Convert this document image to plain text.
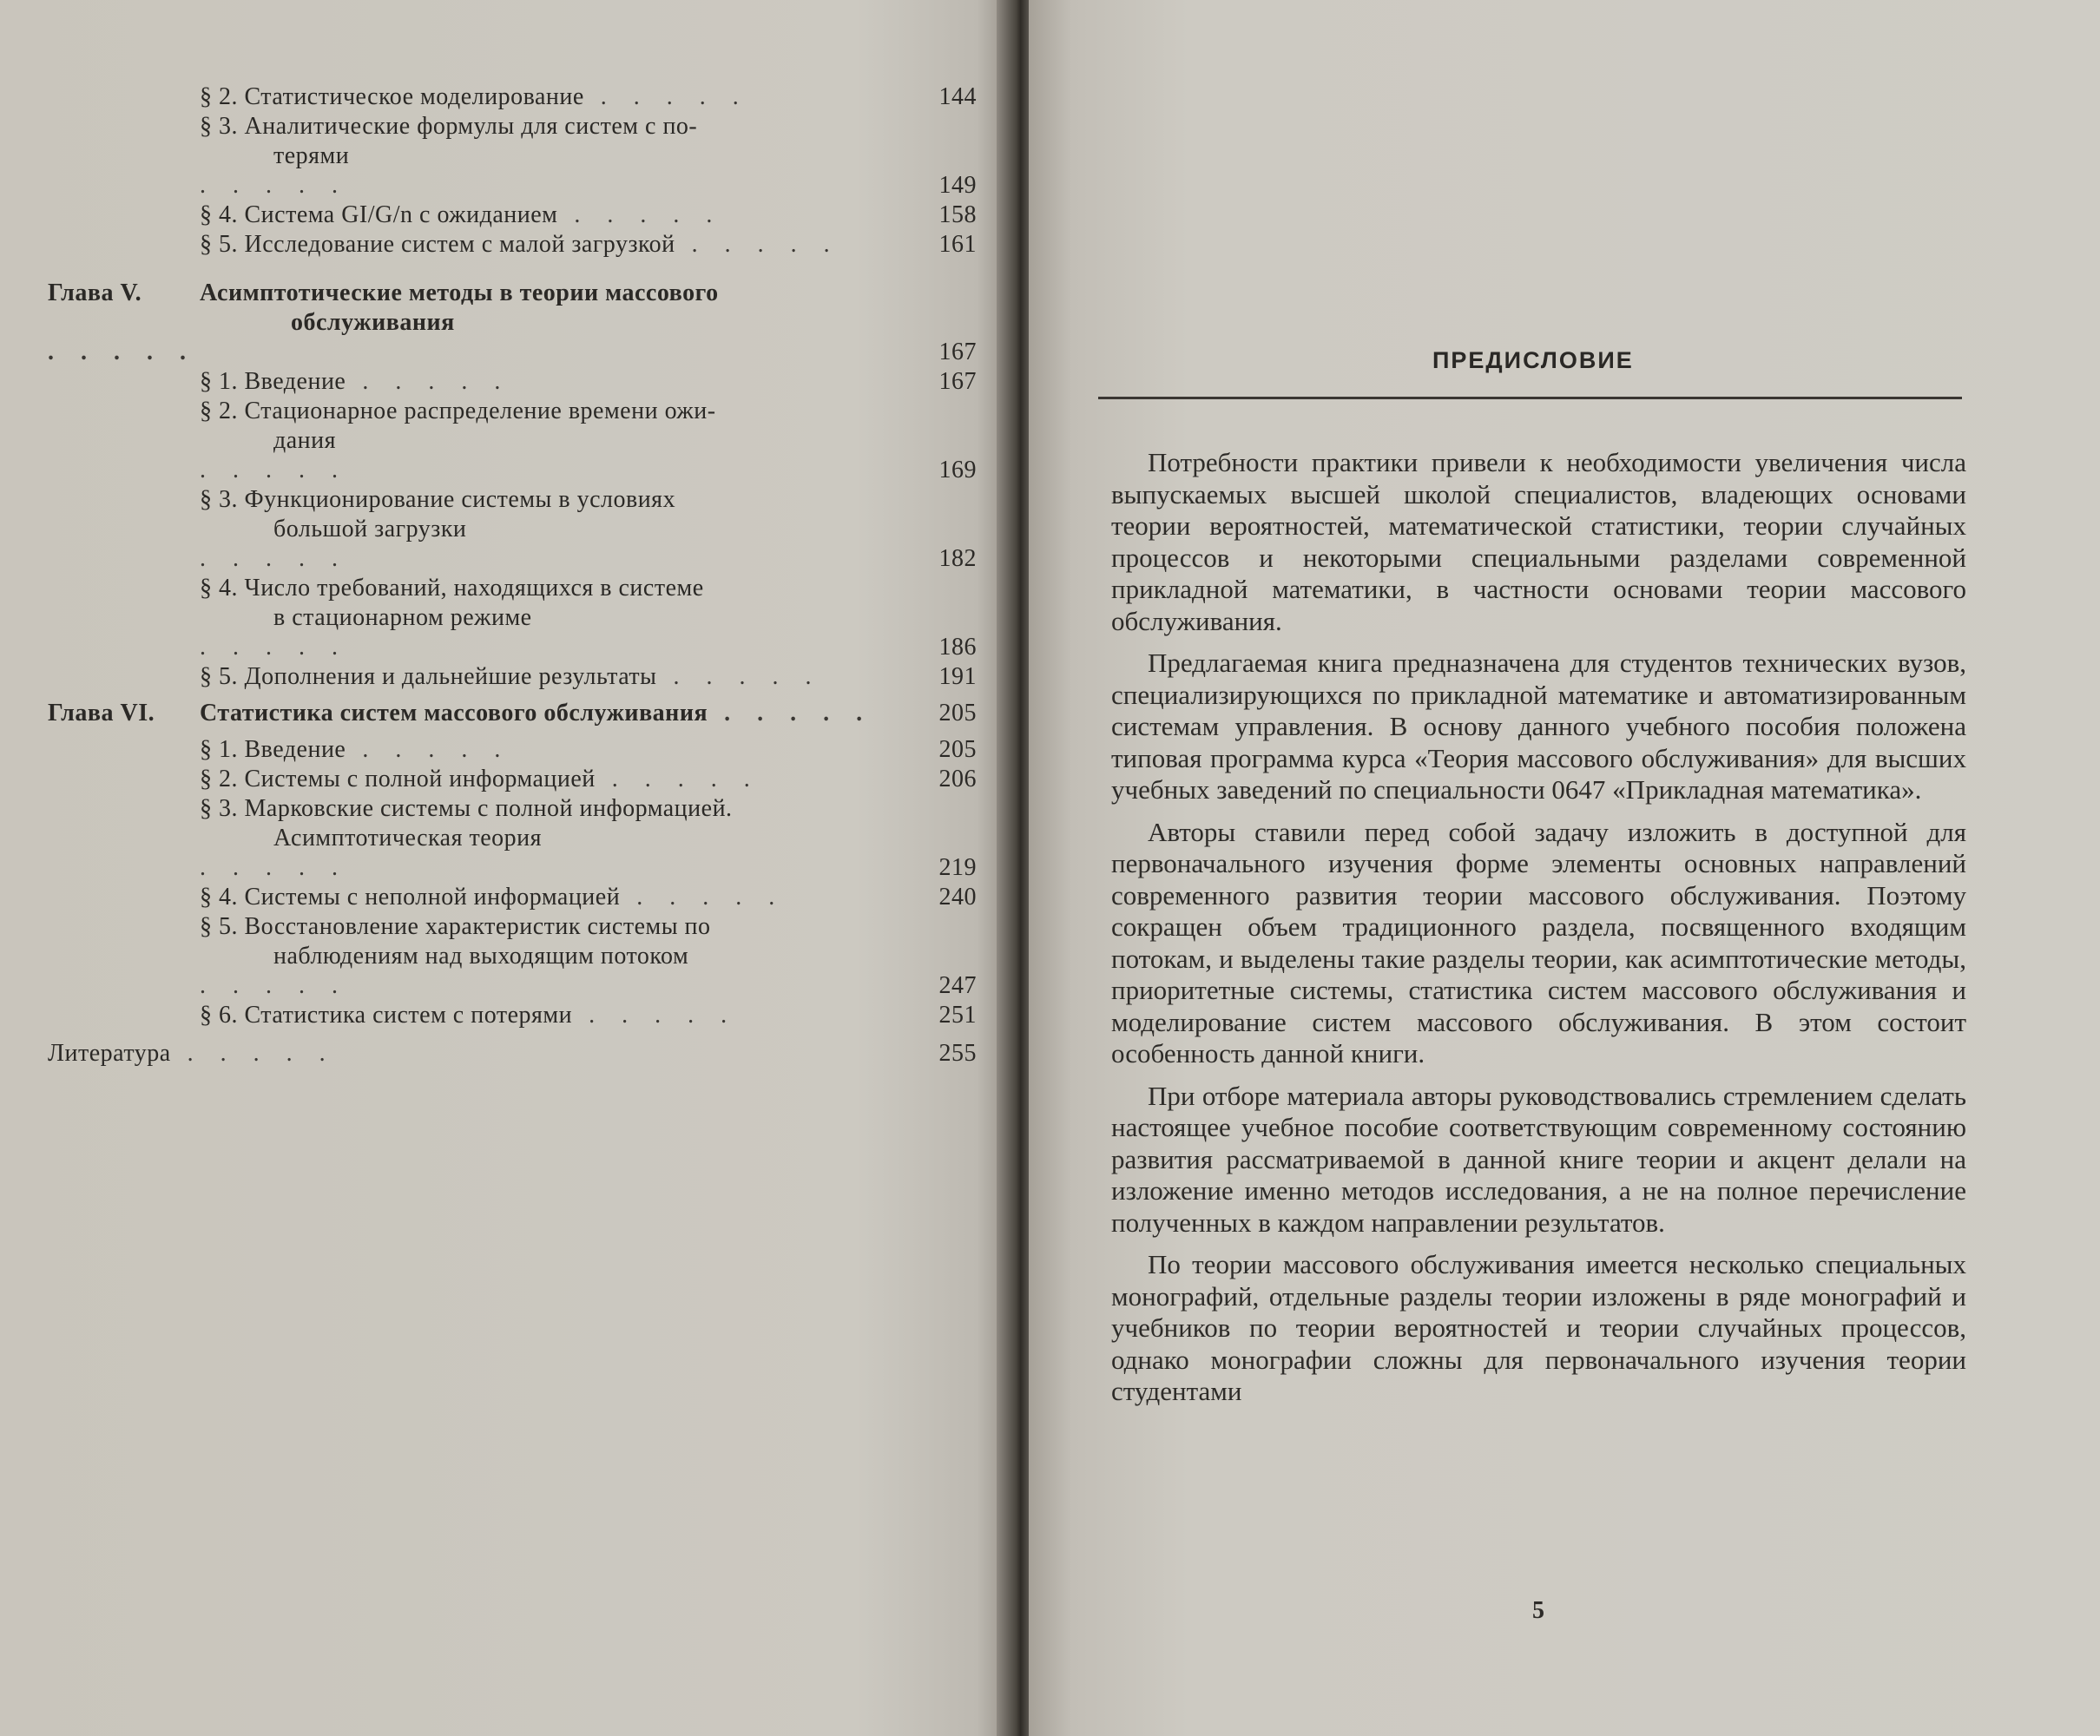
§ 2. Статистическое моделирование . . . . .	144
§ 3. Аналитические формулы для систем с по-
терями
. . . . .	149
§ 4. Система GI/G/n с ожиданием . . . . .	158
§ 5. Исследование систем с малой загрузкой . . . . .	161
Глава V. Асимптотические методы в теории массового
обслуживания
. . . . .	167
§ 1. Введение . . . . .	167
§ 2. Стационарное распределение времени ожи-
дания
. . . . .	169
§ 3. Функционирование системы в условиях
большой загрузки
. . . . .	182
§ 4. Число требований, находящихся в системе
в стационарном режиме
. . . . .	186
§ 5. Дополнения и дальнейшие результаты . . . . .	191
Глава VI. Статистика систем массового обслуживания . . . . .	205
§ 1. Введение . . . . .	205
§ 2. Системы с полной информацией . . . . .	206
§ 3. Марковские системы с полной информацией.
Асимптотическая теория
. . . . .	219
§ 4. Системы с неполной информацией . . . . .	240
§ 5. Восстановление характеристик системы по
наблюдениям над выходящим потоком
. . . . .	247
§ 6. Статистика систем с потерями . . . . .	251
Литература . . . . .	255
ПРЕДИСЛОВИЕ

Потребности практики привели к необходимости увеличения числа выпускаемых высшей школой специалистов, владеющих основами теории вероятностей, математической статистики, теории случайных процессов и некоторыми специальными разделами современной прикладной математики, в частности основами теории массового обслуживания.

Предлагаемая книга предназначена для студентов технических вузов, специализирующихся по прикладной математике и автоматизированным системам управления. В основу данного учебного пособия положена типовая программа курса «Теория массового обслуживания» для высших учебных заведений по специальности 0647 «Прикладная математика».

Авторы ставили перед собой задачу изложить в доступной для первоначального изучения форме элементы основных направлений современного развития теории массового обслуживания. Поэтому сокращен объем традиционного раздела, посвященного входящим потокам, и выделены такие разделы теории, как асимптотические методы, приоритетные системы, статистика систем массового обслуживания и моделирование систем массового обслуживания. В этом состоит особенность данной книги.

При отборе материала авторы руководствовались стремлением сделать настоящее учебное пособие соответствующим современному состоянию развития рассматриваемой в данной книге теории и акцент делали на изложение именно методов исследования, а не на полное перечисление полученных в каждом направлении результатов.

По теории массового обслуживания имеется несколько специальных монографий, отдельные разделы теории изложены в ряде монографий и учебников по теории вероятностей и теории случайных процессов, однако монографии сложны для первоначального изучения теории студентами

5
